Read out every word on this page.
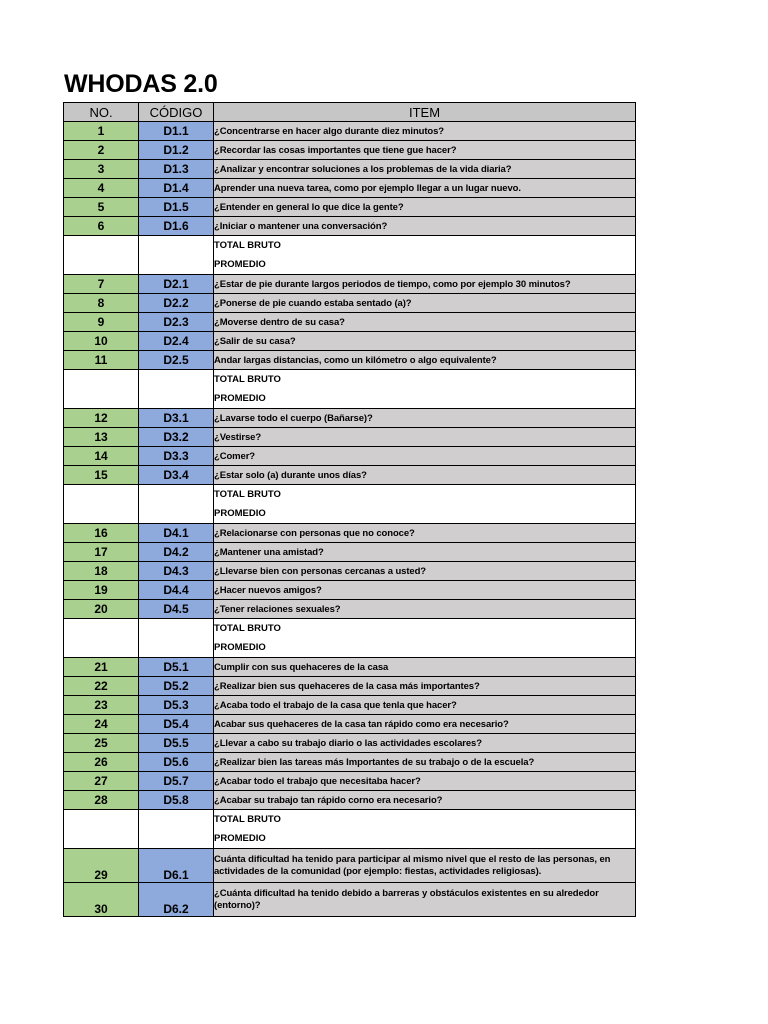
WHODAS 2.0
NO.	CÓDIGO	ITEM
1	D1.1	¿Concentrarse en hacer algo durante diez minutos?
2	D1.2	¿Recordar las cosas importantes que tiene gue hacer?
3	D1.3	¿Analizar y encontrar soluciones a los problemas de la vida diaria?
4	D1.4	Aprender una nueva tarea, como por ejemplo llegar a un lugar nuevo.
5	D1.5	¿Entender en general lo que dice la gente?
6	D1.6	¿Iniciar o mantener una conversación?

		TOTAL BRUTO
PROMEDIO

7	D2.1	¿Estar de pie durante largos periodos de tiempo, como por ejemplo 30 minutos?
8	D2.2	¿Ponerse de pie cuando estaba sentado (a)?
9	D2.3	¿Moverse dentro de su casa?
10	D2.4	¿Salir de su casa?
11	D2.5	Andar largas distancias, como un kilómetro o algo equivalente?

		TOTAL BRUTO
PROMEDIO

12	D3.1	¿Lavarse todo el cuerpo (Bañarse)?
13	D3.2	¿Vestirse?
14	D3.3	¿Comer?
15	D3.4	¿Estar solo (a) durante unos días?

		TOTAL BRUTO
PROMEDIO

16	D4.1	¿Relacionarse con personas que no conoce?
17	D4.2	¿Mantener una amistad?
18	D4.3	¿Llevarse bien con personas cercanas a usted?
19	D4.4	¿Hacer nuevos amigos?
20	D4.5	¿Tener relaciones sexuales?

		TOTAL BRUTO
PROMEDIO

21	D5.1	Cumplir con sus quehaceres de la casa
22	D5.2	¿Realizar bien sus quehaceres de la casa más importantes?
23	D5.3	¿Acaba todo el trabajo de la casa que tenla que hacer?
24	D5.4	Acabar sus quehaceres de la casa tan rápido como era necesario?
25	D5.5	¿Llevar a cabo su trabajo diario o las actividades escolares?
26	D5.6	¿Realizar bien las tareas más Importantes de su trabajo o de la escuela?
27	D5.7	¿Acabar todo el trabajo que necesitaba hacer?
28	D5.8	¿Acabar su trabajo tan rápido corno era necesario?

		TOTAL BRUTO
PROMEDIO

29	D6.1	Cuánta dificultad ha tenido para participar al mismo nivel que el resto de las personas, en actividades de la comunidad (por ejemplo: fiestas, actividades religiosas).
30	D6.2	¿Cuánta dificultad ha tenido debido a barreras y obstáculos existentes en su alrededor (entorno)?
